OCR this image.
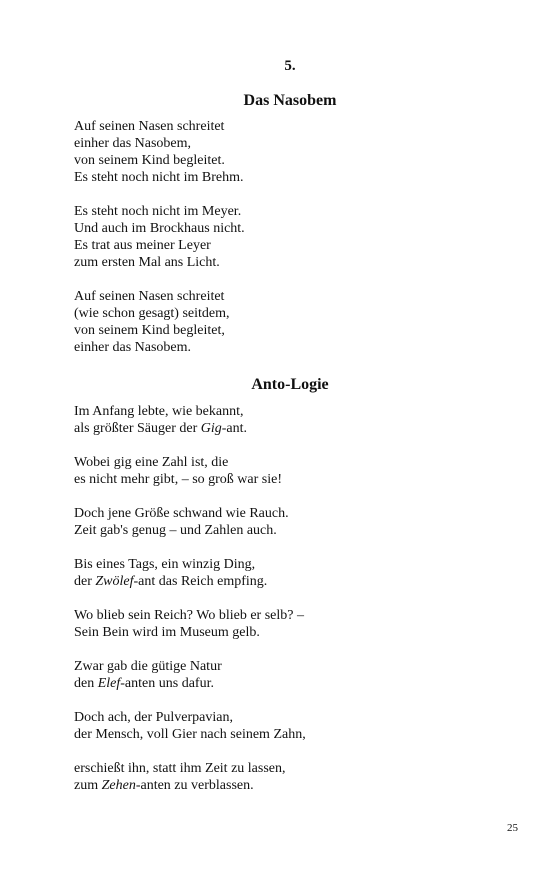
5.
Das Nasobem
Auf seinen Nasen schreitet
einher das Nasobem,
von seinem Kind begleitet.
Es steht noch nicht im Brehm.
Es steht noch nicht im Meyer.
Und auch im Brockhaus nicht.
Es trat aus meiner Leyer
zum ersten Mal ans Licht.
Auf seinen Nasen schreitet
(wie schon gesagt) seitdem,
von seinem Kind begleitet,
einher das Nasobem.
Anto-Logie
Im Anfang lebte, wie bekannt,
als größter Säuger der Gig-ant.
Wobei gig eine Zahl ist, die
es nicht mehr gibt, – so groß war sie!
Doch jene Größe schwand wie Rauch.
Zeit gab's genug – und Zahlen auch.
Bis eines Tags, ein winzig Ding,
der Zwölef-ant das Reich empfing.
Wo blieb sein Reich? Wo blieb er selb? –
Sein Bein wird im Museum gelb.
Zwar gab die gütige Natur
den Elef-anten uns dafur.
Doch ach, der Pulverpavian,
der Mensch, voll Gier nach seinem Zahn,
erschießt ihn, statt ihm Zeit zu lassen,
zum Zehen-anten zu verblassen.
25
